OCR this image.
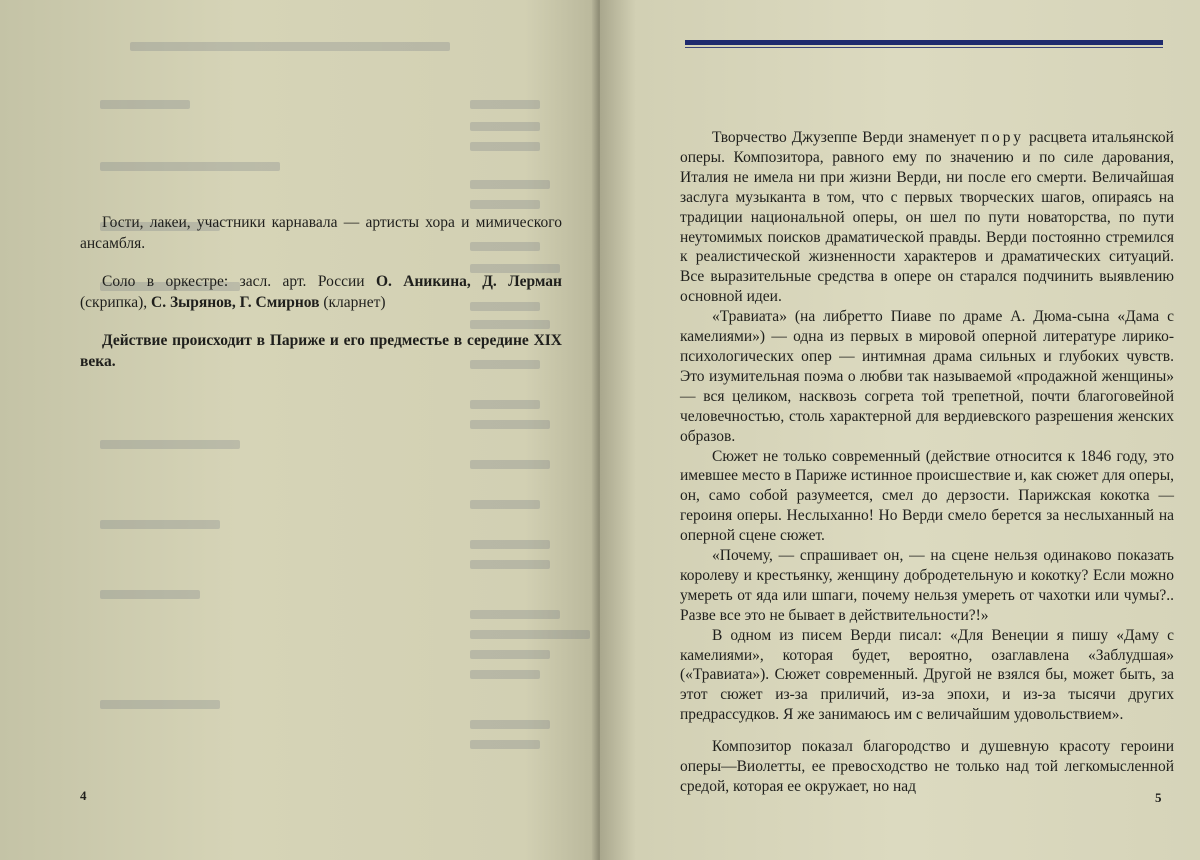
Гости, лакеи, участники карнавала — артисты хора и мимического ансамбля.

Соло в оркестре: засл. арт. России О. Аникина, Д. Лерман (скрипка), С. Зырянов, Г. Смирнов (кларнет)

Действие происходит в Париже и его предместье в середине XIX века.

4

Творчество Джузеппе Верди знаменует пору расцвета итальянской оперы. Композитора, равного ему по значению и по силе дарования, Италия не имела ни при жизни Верди, ни после его смерти. Величайшая заслуга музыканта в том, что с первых творческих шагов, опираясь на традиции национальной оперы, он шел по пути новаторства, по пути неутомимых поисков драматической правды. Верди постоянно стремился к реалистической жизненности характеров и драматических ситуаций. Все выразительные средства в опере он старался подчинить выявлению основной идеи.

«Травиата» (на либретто Пиаве по драме А. Дюма-сына «Дама с камелиями») — одна из первых в мировой оперной литературе лирико-психологических опер — интимная драма сильных и глубоких чувств. Это изумительная поэма о любви так называемой «продажной женщины» — вся целиком, насквозь согрета той трепетной, почти благоговейной человечностью, столь характерной для вердиевского разрешения женских образов.

Сюжет не только современный (действие относится к 1846 году, это имевшее место в Париже истинное происшествие и, как сюжет для оперы, он, само собой разумеется, смел до дерзости. Парижская кокотка — героиня оперы. Неслыханно! Но Верди смело берется за неслыханный на оперной сцене сюжет.

«Почему, — спрашивает он, — на сцене нельзя одинаково показать королеву и крестьянку, женщину добродетельную и кокотку? Если можно умереть от яда или шпаги, почему нельзя умереть от чахотки или чумы?.. Разве все это не бывает в действительности?!»

В одном из писем Верди писал: «Для Венеции я пишу «Даму с камелиями», которая будет, вероятно, озаглавлена «Заблудшая» («Травиата»). Сюжет современный. Другой не взялся бы, может быть, за этот сюжет из-за приличий, из-за эпохи, и из-за тысячи других предрассудков. Я же занимаюсь им с величайшим удовольствием».

Композитор показал благородство и душевную красоту героини оперы—Виолетты, ее превосходство не только над той легкомысленной средой, которая ее окружает, но над

5
